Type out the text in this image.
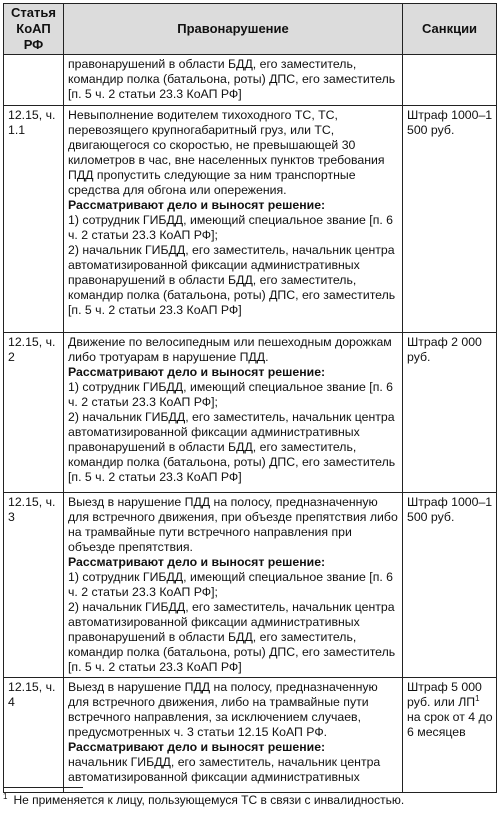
Статья КоАП РФ	Правонарушение	Санкции

	правонарушений в области БДД, его заместитель, командир полка (батальона, роты) ДПС, его заместитель [п. 5 ч. 2 статьи 23.3 КоАП РФ]	

12.15, ч. 1.1	Невыполнение водителем тихоходного ТС, ТС, перевозящего крупногабаритный груз, или ТС, двигающегося со скоростью, не превышающей 30 километров в час, вне населенных пунктов требования ПДД пропустить следующие за ним транспортные средства для обгона или опережения.
Рассматривают дело и выносят решение:
1) сотрудник ГИБДД, имеющий специальное звание [п. 6 ч. 2 статьи 23.3 КоАП РФ];
2) начальник ГИБДД, его заместитель, начальник центра автоматизированной фиксации административных правонарушений в области БДД, его заместитель, командир полка (батальона, роты) ДПС, его заместитель [п. 5 ч. 2 статьи 23.3 КоАП РФ]	Штраф 1000–1 500 руб.
12.15, ч. 2	Движение по велосипедным или пешеходным дорожкам либо тротуарам в нарушение ПДД.
Рассматривают дело и выносят решение:
1) сотрудник ГИБДД, имеющий специальное звание [п. 6 ч. 2 статьи 23.3 КоАП РФ];
2) начальник ГИБДД, его заместитель, начальник центра автоматизированной фиксации административных правонарушений в области БДД, его заместитель, командир полка (батальона, роты) ДПС, его заместитель [п. 5 ч. 2 статьи 23.3 КоАП РФ]	Штраф 2 000 руб.
12.15, ч. 3	Выезд в нарушение ПДД на полосу, предназначенную для встречного движения, при объезде препятствия либо на трамвайные пути встречного направления при объезде препятствия.
Рассматривают дело и выносят решение:
1) сотрудник ГИБДД, имеющий специальное звание [п. 6 ч. 2 статьи 23.3 КоАП РФ];
2) начальник ГИБДД, его заместитель, начальник центра автоматизированной фиксации административных правонарушений в области БДД, его заместитель, командир полка (батальона, роты) ДПС, его заместитель [п. 5 ч. 2 статьи 23.3 КоАП РФ]	Штраф 1000–1 500 руб.
12.15, ч. 4	Выезд в нарушение ПДД на полосу, предназначенную для встречного движения, либо на трамвайные пути встречного направления, за исключением случаев, предусмотренных ч. 3 статьи 12.15 КоАП РФ.
Рассматривают дело и выносят решение:
начальник ГИБДД, его заместитель, начальник центра автоматизированной фиксации административных	Штраф 5 000 руб. или $ЛП^1$ на срок от 4 до 6 месяцев
$^1$ Не применяется к лицу, пользующемуся ТС в связи с инвалидностью.
